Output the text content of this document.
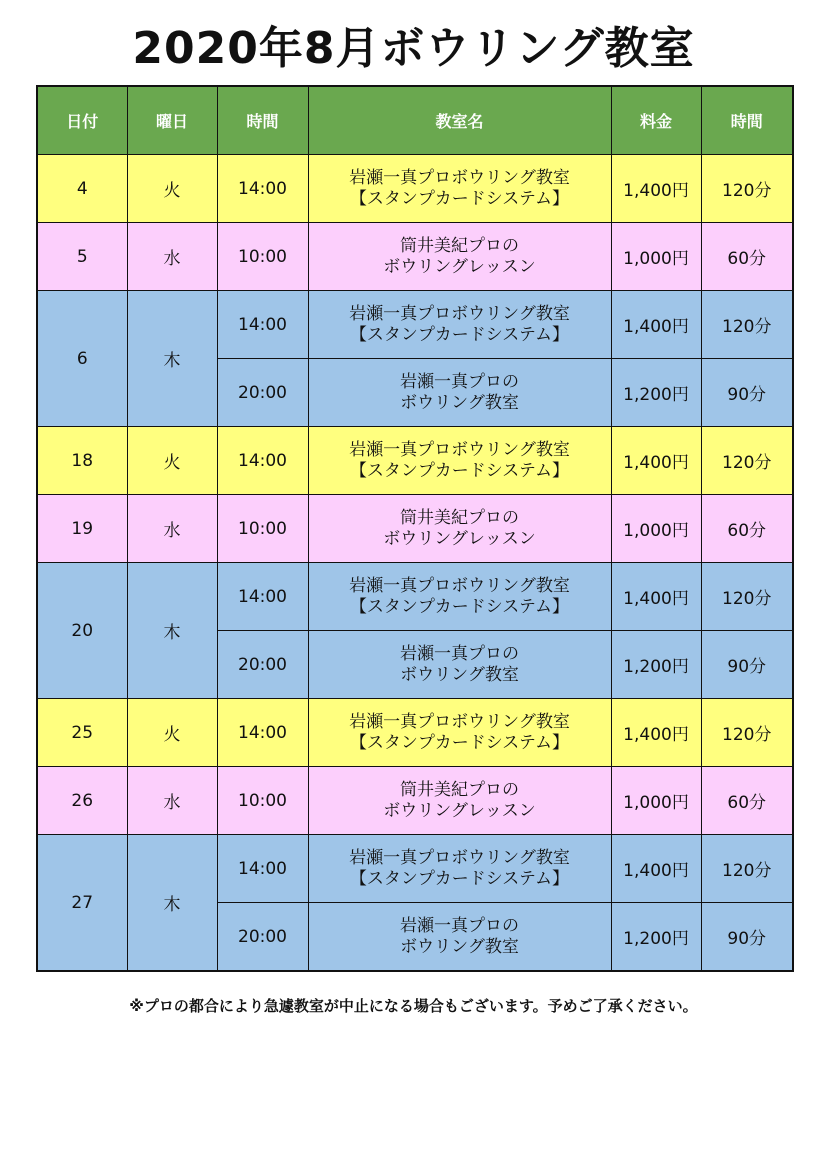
2020年8月ボウリング教室
日付	曜日	時間	教室名	料金	時間
4	火	14:00	岩瀬一真プロボウリング教室
【スタンプカードシステム】	1,400円	120分
5	水	10:00	筒井美紀プロの
ボウリングレッスン	1,000円	60分
6	木	14:00	岩瀬一真プロボウリング教室
【スタンプカードシステム】	1,400円	120分
		20:00	岩瀬一真プロの
ボウリング教室	1,200円	90分
18	火	14:00	岩瀬一真プロボウリング教室
【スタンプカードシステム】	1,400円	120分
19	水	10:00	筒井美紀プロの
ボウリングレッスン	1,000円	60分
20	木	14:00	岩瀬一真プロボウリング教室
【スタンプカードシステム】	1,400円	120分
		20:00	岩瀬一真プロの
ボウリング教室	1,200円	90分
25	火	14:00	岩瀬一真プロボウリング教室
【スタンプカードシステム】	1,400円	120分
26	水	10:00	筒井美紀プロの
ボウリングレッスン	1,000円	60分
27	木	14:00	岩瀬一真プロボウリング教室
【スタンプカードシステム】	1,400円	120分
		20:00	岩瀬一真プロの
ボウリング教室	1,200円	90分
※プロの都合により急遽教室が中止になる場合もございます。予めご了承ください。
